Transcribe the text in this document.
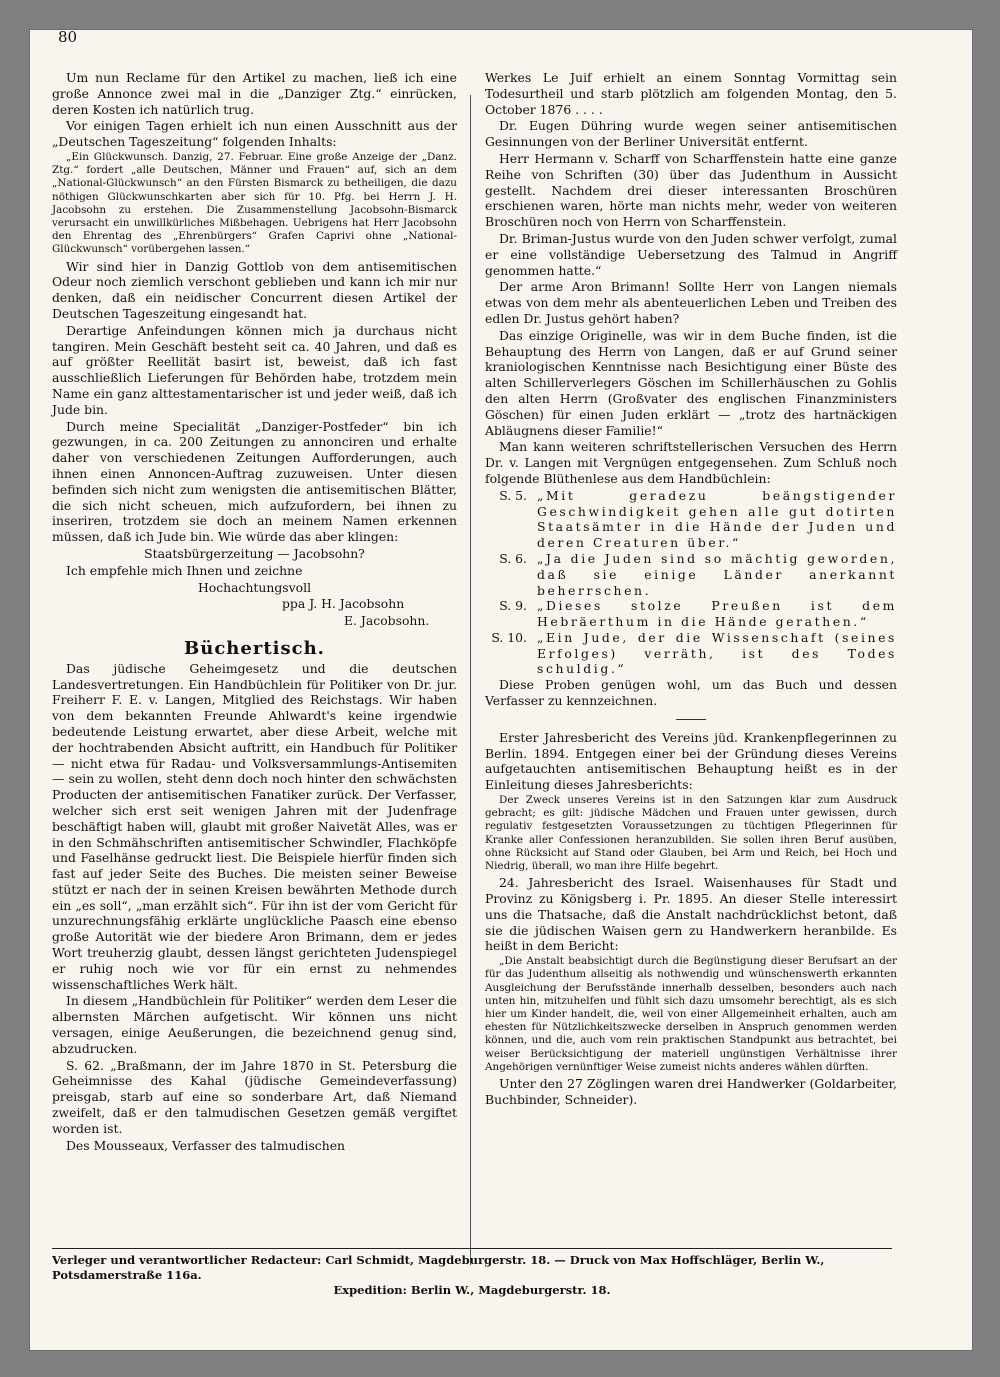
80

Um nun Reclame für den Artikel zu machen, ließ ich eine große Annonce zwei mal in die „Danziger Ztg.“ einrücken, deren Kosten ich natürlich trug.

Vor einigen Tagen erhielt ich nun einen Ausschnitt aus der „Deutschen Tageszeitung“ folgenden Inhalts:

„Ein Glückwunsch. Danzig, 27. Februar. Eine große Anzeige der „Danz. Ztg.“ fordert „alle Deutschen, Männer und Frauen“ auf, sich an dem „National-Glückwunsch“ an den Fürsten Bismarck zu betheiligen, die dazu nöthigen Glückwunschkarten aber sich für 10. Pfg. bei Herrn J. H. Jacobsohn zu erstehen. Die Zusammenstellung Jacobsohn-Bismarck verursacht ein unwillkürliches Mißbehagen. Uebrigens hat Herr Jacobsohn den Ehrentag des „Ehrenbürgers“ Grafen Caprivi ohne „National-Glückwunsch“ vorübergehen lassen.“

Wir sind hier in Danzig Gottlob von dem antisemitischen Odeur noch ziemlich verschont geblieben und kann ich mir nur denken, daß ein neidischer Concurrent diesen Artikel der Deutschen Tageszeitung eingesandt hat.

Derartige Anfeindungen können mich ja durchaus nicht tangiren. Mein Geschäft besteht seit ca. 40 Jahren, und daß es auf größter Reellität basirt ist, beweist, daß ich fast ausschließlich Lieferungen für Behörden habe, trotzdem mein Name ein ganz alttestamentarischer ist und jeder weiß, daß ich Jude bin.

Durch meine Specialität „Danziger-Postfeder“ bin ich gezwungen, in ca. 200 Zeitungen zu annonciren und erhalte daher von verschiedenen Zeitungen Aufforderungen, auch ihnen einen Annoncen-Auftrag zuzuweisen. Unter diesen befinden sich nicht zum wenigsten die antisemitischen Blätter, die sich nicht scheuen, mich aufzufordern, bei ihnen zu inseriren, trotzdem sie doch an meinem Namen erkennen müssen, daß ich Jude bin. Wie würde das aber klingen:

Staatsbürgerzeitung — Jacobsohn?

Ich empfehle mich Ihnen und zeichne

Hochachtungsvoll

ppa J. H. Jacobsohn

E. Jacobsohn.

Büchertisch.

Das jüdische Geheimgesetz und die deutschen Landesvertretungen. Ein Handbüchlein für Politiker von Dr. jur. Freiherr F. E. v. Langen, Mitglied des Reichstags. Wir haben von dem bekannten Freunde Ahlwardt's keine irgendwie bedeutende Leistung erwartet, aber diese Arbeit, welche mit der hochtrabenden Absicht auftritt, ein Handbuch für Politiker — nicht etwa für Radau- und Volksversammlungs-Antisemiten — sein zu wollen, steht denn doch noch hinter den schwächsten Producten der antisemitischen Fanatiker zurück. Der Verfasser, welcher sich erst seit wenigen Jahren mit der Judenfrage beschäftigt haben will, glaubt mit großer Naivetät Alles, was er in den Schmähschriften antisemitischer Schwindler, Flachköpfe und Faselhänse gedruckt liest. Die Beispiele hierfür finden sich fast auf jeder Seite des Buches. Die meisten seiner Beweise stützt er nach der in seinen Kreisen bewährten Methode durch ein „es soll“, „man erzählt sich“. Für ihn ist der vom Gericht für unzurechnungsfähig erklärte unglückliche Paasch eine ebenso große Autorität wie der biedere Aron Brimann, dem er jedes Wort treuherzig glaubt, dessen längst gerichteten Judenspiegel er ruhig noch wie vor für ein ernst zu nehmendes wissenschaftliches Werk hält.

In diesem „Handbüchlein für Politiker“ werden dem Leser die albernsten Märchen aufgetischt. Wir können uns nicht versagen, einige Aeußerungen, die bezeichnend genug sind, abzudrucken.

S. 62. „Braßmann, der im Jahre 1870 in St. Petersburg die Geheimnisse des Kahal (jüdische Gemeindeverfassung) preisgab, starb auf eine so sonderbare Art, daß Niemand zweifelt, daß er den talmudischen Gesetzen gemäß vergiftet worden ist.

Des Mousseaux, Verfasser des talmudischen

Werkes Le Juif erhielt an einem Sonntag Vormittag sein Todesurtheil und starb plötzlich am folgenden Montag, den 5. October 1876 . . . .

Dr. Eugen Dühring wurde wegen seiner antisemitischen Gesinnungen von der Berliner Universität entfernt.

Herr Hermann v. Scharff von Scharffenstein hatte eine ganze Reihe von Schriften (30) über das Judenthum in Aussicht gestellt. Nachdem drei dieser interessanten Broschüren erschienen waren, hörte man nichts mehr, weder von weiteren Broschüren noch von Herrn von Scharffenstein.

Dr. Briman-Justus wurde von den Juden schwer verfolgt, zumal er eine vollständige Uebersetzung des Talmud in Angriff genommen hatte.“

Der arme Aron Brimann! Sollte Herr von Langen niemals etwas von dem mehr als abenteuerlichen Leben und Treiben des edlen Dr. Justus gehört haben?

Das einzige Originelle, was wir in dem Buche finden, ist die Behauptung des Herrn von Langen, daß er auf Grund seiner kraniologischen Kenntnisse nach Besichtigung einer Büste des alten Schillerverlegers Göschen im Schillerhäuschen zu Gohlis den alten Herrn (Großvater des englischen Finanzministers Göschen) für einen Juden erklärt — „trotz des hartnäckigen Abläugnens dieser Familie!“

Man kann weiteren schriftstellerischen Versuchen des Herrn Dr. v. Langen mit Vergnügen entgegensehen. Zum Schluß noch folgende Blüthenlese aus dem Handbüchlein:

S. 5. „Mit geradezu beängstigender Geschwindigkeit gehen alle gut dotirten Staatsämter in die Hände der Juden und deren Creaturen über.“
S. 6. „Ja die Juden sind so mächtig geworden, daß sie einige Länder anerkannt beherrschen.
S. 9. „Dieses stolze Preußen ist dem Hebräerthum in die Hände gerathen.“
S. 10. „Ein Jude, der die Wissenschaft (seines Erfolges) verräth, ist des Todes schuldig.“

Diese Proben genügen wohl, um das Buch und dessen Verfasser zu kennzeichnen.

Erster Jahresbericht des Vereins jüd. Krankenpflegerinnen zu Berlin. 1894. Entgegen einer bei der Gründung dieses Vereins aufgetauchten antisemitischen Behauptung heißt es in der Einleitung dieses Jahresberichts:

Der Zweck unseres Vereins ist in den Satzungen klar zum Ausdruck gebracht; es gilt: jüdische Mädchen und Frauen unter gewissen, durch regulativ festgesetzten Voraussetzungen zu tüchtigen Pflegerinnen für Kranke aller Confessionen heranzubilden. Sie sollen ihren Beruf ausüben, ohne Rücksicht auf Stand oder Glauben, bei Arm und Reich, bei Hoch und Niedrig, überall, wo man ihre Hilfe begehrt.

24. Jahresbericht des Israel. Waisenhauses für Stadt und Provinz zu Königsberg i. Pr. 1895. An dieser Stelle interessirt uns die Thatsache, daß die Anstalt nachdrücklichst betont, daß sie die jüdischen Waisen gern zu Handwerkern heranbilde. Es heißt in dem Bericht:

„Die Anstalt beabsichtigt durch die Begünstigung dieser Berufsart an der für das Judenthum allseitig als nothwendig und wünschenswerth erkannten Ausgleichung der Berufsstände innerhalb desselben, besonders auch nach unten hin, mitzuhelfen und fühlt sich dazu umsomehr berechtigt, als es sich hier um Kinder handelt, die, weil von einer Allgemeinheit erhalten, auch am ehesten für Nützlichkeitszwecke derselben in Anspruch genommen werden können, und die, auch vom rein praktischen Standpunkt aus betrachtet, bei weiser Berücksichtigung der materiell ungünstigen Verhältnisse ihrer Angehörigen vernünftiger Weise zumeist nichts anderes wählen dürften.

Unter den 27 Zöglingen waren drei Handwerker (Goldarbeiter, Buchbinder, Schneider).

Verleger und verantwortlicher Redacteur: Carl Schmidt, Magdeburgerstr. 18. — Druck von Max Hoffschläger, Berlin W., Potsdamerstraße 116a.
Expedition: Berlin W., Magdeburgerstr. 18.
